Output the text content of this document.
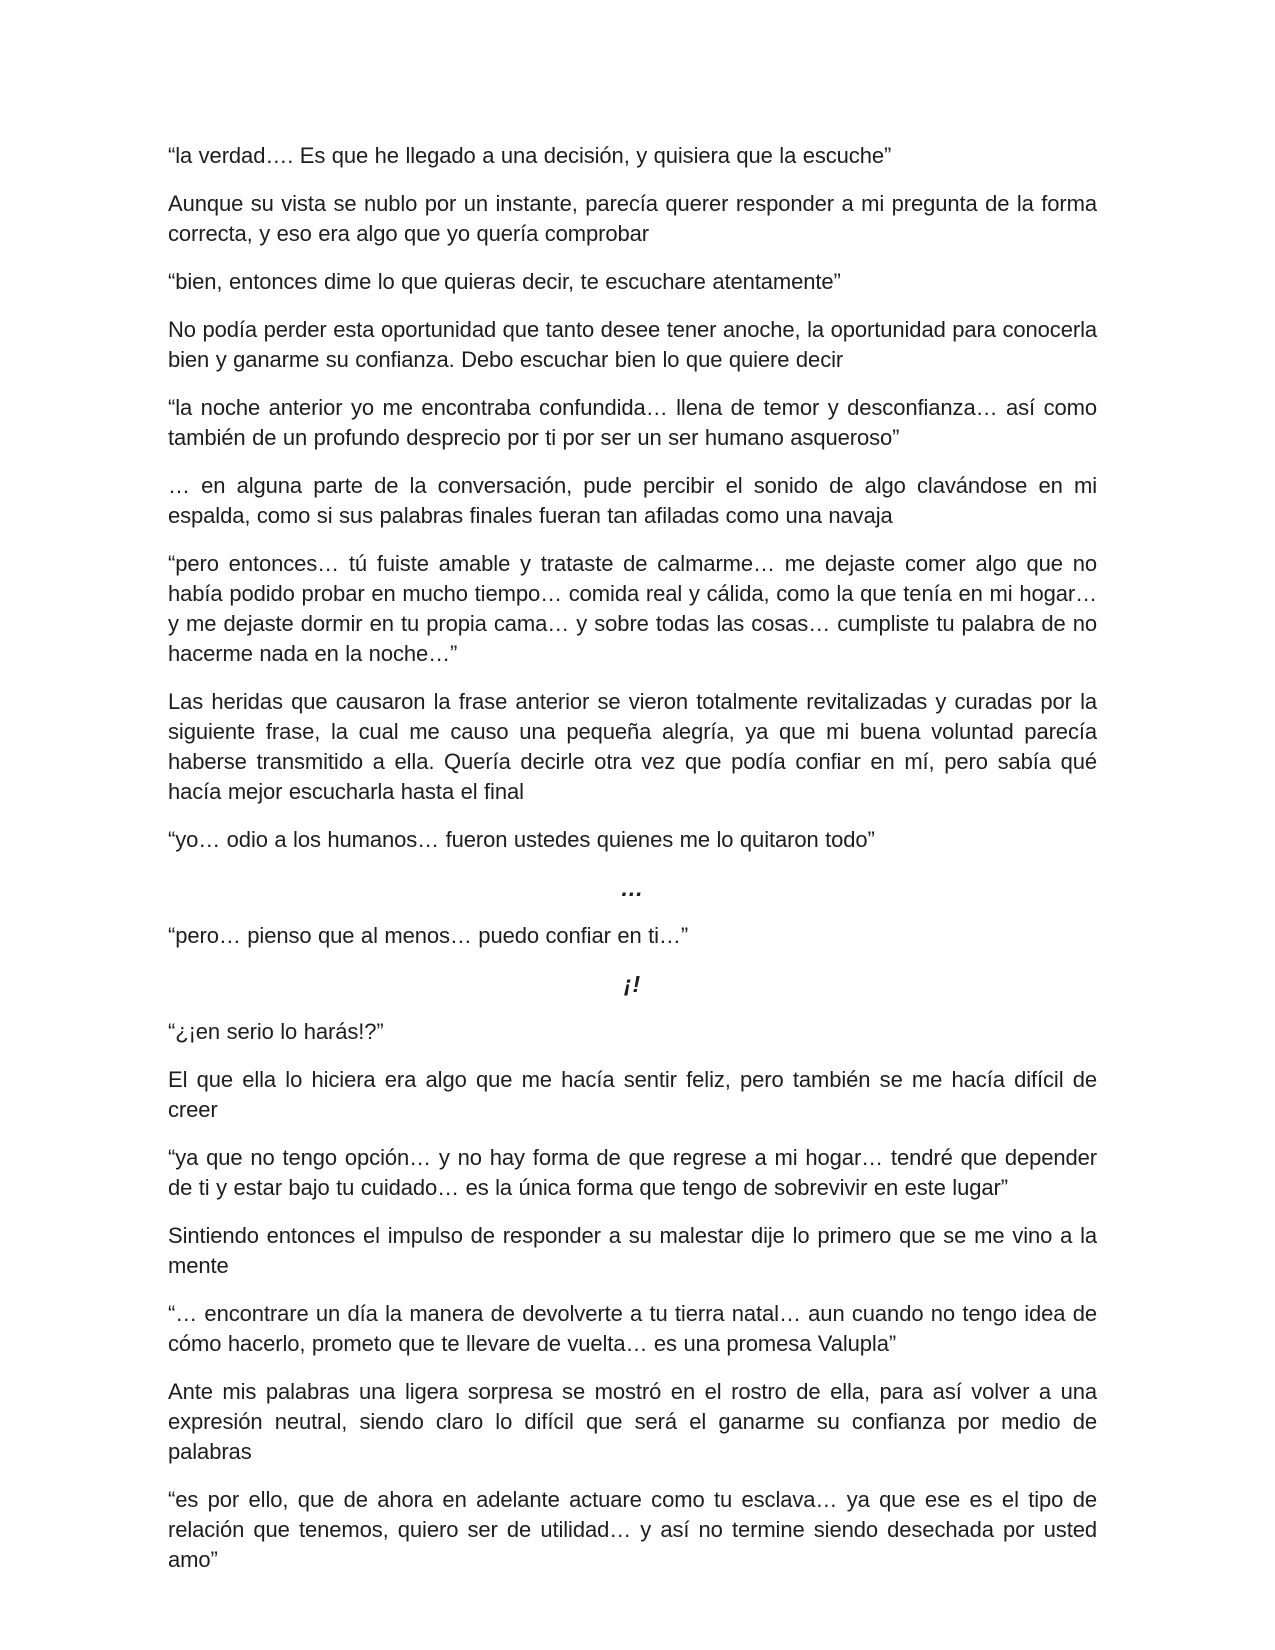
“la verdad…. Es que he llegado a una decisión, y quisiera que la escuche”
Aunque su vista se nublo por un instante, parecía querer responder a mi pregunta de la forma correcta, y eso era algo que yo quería comprobar
“bien, entonces dime lo que quieras decir, te escuchare atentamente”
No podía perder esta oportunidad que tanto desee tener anoche, la oportunidad para conocerla bien y ganarme su confianza. Debo escuchar bien lo que quiere decir
“la noche anterior yo me encontraba confundida… llena de temor y desconfianza… así como también de un profundo desprecio por ti por ser un ser humano asqueroso”
… en alguna parte de la conversación, pude percibir el sonido de algo clavándose en mi espalda, como si sus palabras finales fueran tan afiladas como una navaja
“pero entonces… tú fuiste amable y trataste de calmarme… me dejaste comer algo que no había podido probar en mucho tiempo… comida real y cálida, como la que tenía en mi hogar… y me dejaste dormir en tu propia cama… y sobre todas las cosas… cumpliste tu palabra de no hacerme nada en la noche…”
Las heridas que causaron la frase anterior se vieron totalmente revitalizadas y curadas por la siguiente frase, la cual me causo una pequeña alegría, ya que mi buena voluntad parecía haberse transmitido a ella. Quería decirle otra vez que podía confiar en mí, pero sabía qué hacía mejor escucharla hasta el final
“yo… odio a los humanos… fueron ustedes quienes me lo quitaron todo”
…
“pero… pienso que al menos… puedo confiar en ti…”
¡!
“¿¡en serio lo harás!?”
El que ella lo hiciera era algo que me hacía sentir feliz, pero también se me hacía difícil de creer
“ya que no tengo opción… y no hay forma de que regrese a mi hogar… tendré que depender de ti y estar bajo tu cuidado… es la única forma que tengo de sobrevivir en este lugar”
Sintiendo entonces el impulso de responder a su malestar dije lo primero que se me vino a la mente
“… encontrare un día la manera de devolverte a tu tierra natal… aun cuando no tengo idea de cómo hacerlo, prometo que te llevare de vuelta… es una promesa Valupla”
Ante mis palabras una ligera sorpresa se mostró en el rostro de ella, para así volver a una expresión neutral, siendo claro lo difícil que será el ganarme su confianza por medio de palabras
“es por ello, que de ahora en adelante actuare como tu esclava… ya que ese es el tipo de relación que tenemos, quiero ser de utilidad… y así no termine siendo desechada por usted amo”
